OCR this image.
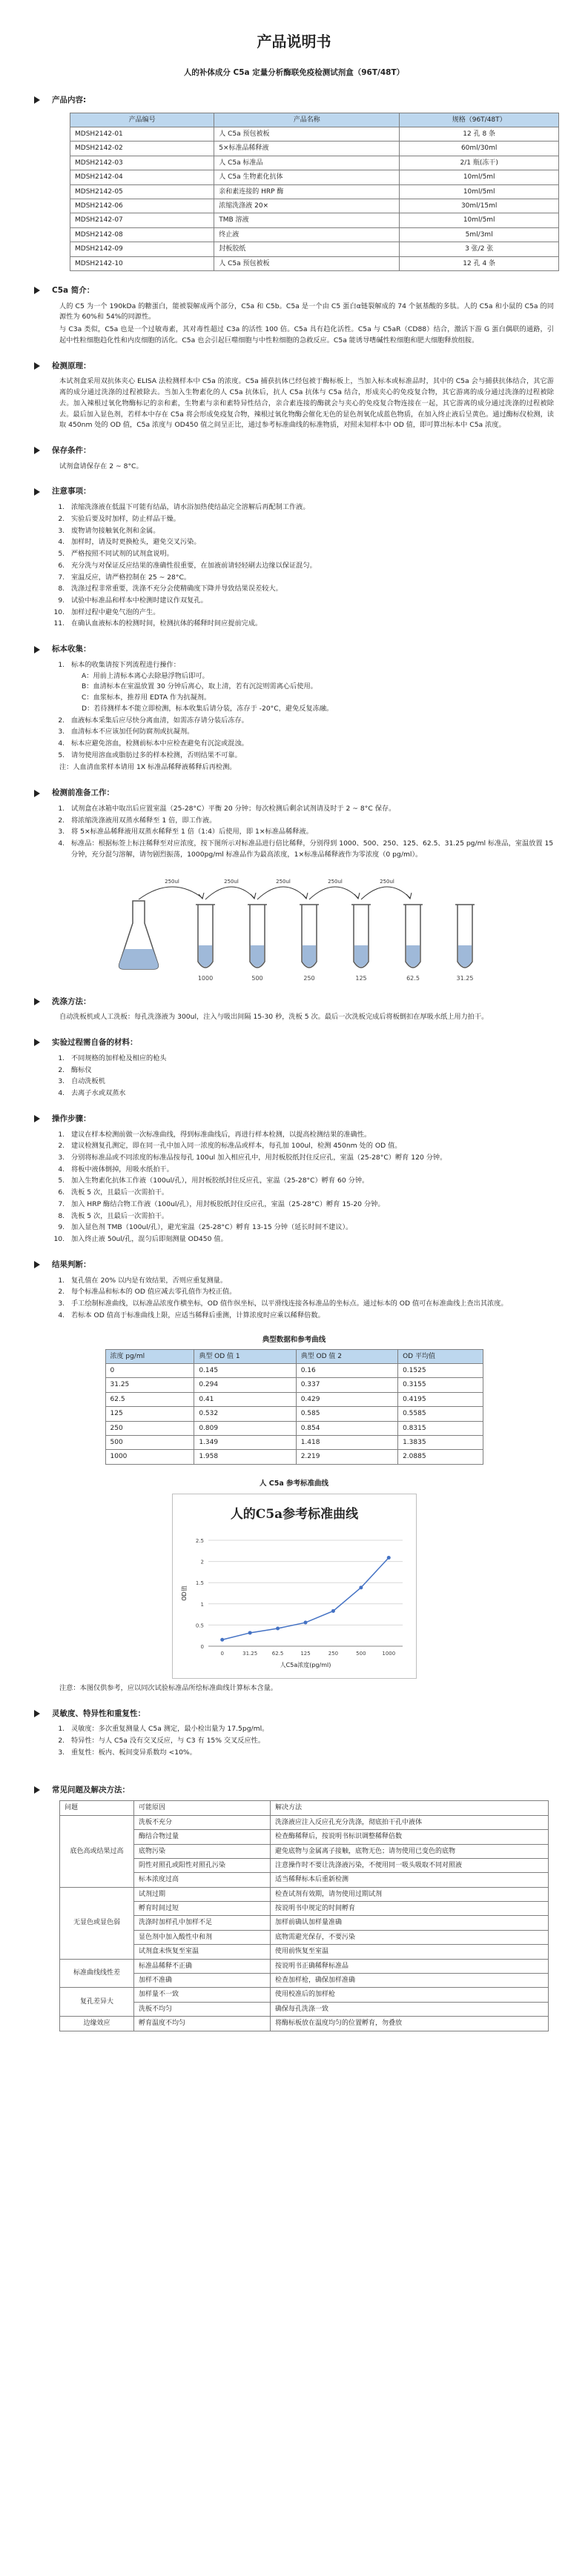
产品说明书
人的补体成分 C5a 定量分析酶联免疫检测试剂盒（96T/48T）
产品内容:
产品编号	产品名称	规格（96T/48T）
MDSH2142-01	人 C5a 预包被板	12 孔 8 条
MDSH2142-02	5×标准品稀释液	60ml/30ml
MDSH2142-03	人 C5a 标准品	2/1 瓶(冻干)
MDSH2142-04	人 C5a 生物素化抗体	10ml/5ml
MDSH2142-05	亲和素连接的 HRP 酶	10ml/5ml
MDSH2142-06	浓缩洗涤液 20×	30ml/15ml
MDSH2142-07	TMB 溶液	10ml/5ml
MDSH2142-08	终止液	5ml/3ml
MDSH2142-09	封板胶纸	3 张/2 张
MDSH2142-10	人 C5a 预包被板	12 孔 4 条
C5a 简介：

人的 C5 为一个 190kDa 的糖蛋白，能被裂解成两个部分，C5a 和 C5b。C5a 是一个由 C5 蛋白α链裂解成的 74 个氨基酸的多肽。人的 C5a 和小鼠的 C5a 的同源性为 60%和 54%的同源性。

与 C3a 类似，C5a 也是一个过敏毒素，其对毒性超过 C3a 的活性 100 倍。C5a 具有趋化活性。C5a 与 C5aR（CD88）结合，激活下游 G 蛋白偶联的通路，引起中性粒细胞趋化性和内皮细胞的活化。C5a 也会引起巨噬细胞与中性粒细胞的急救反应。C5a 能诱导嗜碱性粒细胞和肥大细胞释放组胺。

检测原理：

本试剂盒采用双抗体夹心 ELISA 法检测样本中 C5a 的浓度。C5a 捕获抗体已经包被于酶标板上，当加入标本或标准品时，其中的 C5a 会与捕获抗体结合，其它游离的成分通过洗涤的过程被除去。当加入生物素化的人 C5a 抗体后，抗人 C5a 抗体与 C5a 结合，形成夹心的免疫复合物，其它游离的成分通过洗涤的过程被除去。加入辣根过氧化物酶标记的亲和素，生物素与亲和素特异性结合，亲合素连接的酶就会与夹心的免疫复合物连接在一起，其它游离的成分通过洗涤的过程被除去。最后加入显色剂，若样本中存在 C5a 将会形成免疫复合物，辣根过氧化物酶会催化无色的显色剂氧化成蓝色物质，在加入终止液后呈黄色。通过酶标仪检测，读取 450nm 处的 OD 值，C5a 浓度与 OD450 值之间呈正比，通过参考标准曲线的标准物质，对照未知样本中 OD 值，即可算出标本中 C5a 浓度。

保存条件：

试剂盒请保存在 2 ~ 8°C。

注意事项：
1. 浓缩洗涤液在低温下可能有结晶，请水浴加热使结晶完全溶解后再配制工作液。
2. 实验后要及时加样，防止样品干燥。
3. 废物请勿接触氧化剂和金属。
4. 加样时，请及时更换枪头，避免交叉污染。
5. 严格按照不同试剂的试剂盒说明。
6. 充分洗与对保证反应结果的准确性很重要，在加液前请轻轻刷去边缘以保证混匀。
7. 室温反应，请严格控制在 25 ~ 28°C。
8. 洗涤过程非常重要，洗涤不充分会使精确度下降并导致结果误差较大。
9. 试验中标准品和样本中检测时建议作双复孔。
10. 加样过程中避免气泡的产生。
11. 在确认血液标本的检测时间，检测抗体的稀释时间应提前完成。
标本收集：
1. 标本的收集请按下列流程进行操作：
A：用前上清标本离心去除悬浮物后即可。
B：血清标本在室温放置 30 分钟后离心，取上清，若有沉淀则需离心后使用。
C：血浆标本，推荐用 EDTA 作为抗凝剂。
D：若待测样本不能立即检测，标本收集后请分装，冻存于 -20°C，避免反复冻融。
2. 血液标本采集后应尽快分离血清，如需冻存请分装后冻存。
3. 血清标本不应该加任何防腐剂或抗凝剂。
4. 标本应避免溶血，检测前标本中应检查避免有沉淀或混浊。
5. 请勿使用溶血或脂肪过多的样本检测，否则结果不可靠。

注：人血清血浆样本请用 1X 标准品稀释液稀释后再检测。

检测前准备工作：
1. 试剂盒在冰箱中取出后应置室温（25-28°C）平衡 20 分钟；每次检测后剩余试剂请及时于 2 ~ 8°C 保存。
2. 将浓缩洗涤液用双蒸水稀释至 1 倍，即工作液。
3. 将 5×标准品稀释液用双蒸水稀释至 1 倍（1:4）后使用，即 1×标准品稀释液。
4. 标准品：根据标签上标注稀释至对应浓度，按下图所示对标准品进行倍比稀释，分别得到 1000、500、250、125、62.5、31.25 pg/ml 标准品，室温放置 15 分钟，充分混匀溶解，请勿剧烈振荡，1000pg/ml 标准品作为最高浓度，1×标准品稀释液作为零浓度（0 pg/ml）。
1000	500	250	125	62.5	31.25
250ul	250ul	250ul	250ul	250ul
洗涤方法：

自动洗板机或人工洗板：每孔洗涤液为 300ul，注入与吸出间隔 15-30 秒，洗板 5 次。最后一次洗板完成后将板倒扣在厚吸水纸上用力拍干。

实验过程需自备的材料：
1. 不同规格的加样枪及相应的枪头
2. 酶标仪
3. 自动洗板机
4. 去离子水或双蒸水
操作步骤：
1. 建议在样本检测前做一次标准曲线，得到标准曲线后，再进行样本检测，以提高检测结果的准确性。
2. 建议检测复孔测定，即在同一孔中加入同一浓度的标准品或样本，每孔加 100ul，检测 450nm 处的 OD 值。
3. 分别将标准品或不同浓度的标准品按每孔 100ul 加入相应孔中，用封板胶纸封住反应孔，室温（25-28°C）孵育 120 分钟。
4. 将板中液体倒掉，用吸水纸拍干。
5. 加入生物素化抗体工作液（100ul/孔），用封板胶纸封住反应孔，室温（25-28°C）孵育 60 分钟。
6. 洗板 5 次，且最后一次需拍干。
7. 加入 HRP 酶结合物工作液（100ul/孔），用封板胶纸封住反应孔，室温（25-28°C）孵育 15-20 分钟。
8. 洗板 5 次，且最后一次需拍干。
9. 加入显色剂 TMB（100ul/孔），避光室温（25-28°C）孵育 13-15 分钟（延长时间不建议）。
10. 加入终止液 50ul/孔，混匀后即刻测量 OD450 值。
结果判断：
1. 复孔值在 20% 以内是有效结果，否则应重复测量。
2. 每个标准品和标本的 OD 值应减去零孔值作为校正值。
3. 手工绘制标准曲线，以标准品浓度作横坐标，OD 值作纵坐标，以平滑线连接各标准品的坐标点。通过标本的 OD 值可在标准曲线上查出其浓度。
4. 若标本 OD 值高于标准曲线上限，应适当稀释后重测，计算浓度时应乘以稀释倍数。
典型数据和参考曲线
浓度 pg/ml	典型 OD 值 1	典型 OD 值 2	OD 平均值
0	0.145	0.16	0.1525
31.25	0.294	0.337	0.3155
62.5	0.41	0.429	0.4195
125	0.532	0.585	0.5585
250	0.809	0.854	0.8315
500	1.349	1.418	1.3835
1000	1.958	2.219	2.0885
人 C5a 参考标准曲线
人的C5a参考标准曲线
0
0.5
1
1.5
2
2.5
0	31.25	62.5	125	250	500	1000
人C5a浓度(pg/ml)
OD值

注意：本图仅供参考，应以同次试验标准品所绘标准曲线计算标本含量。

灵敏度、特异性和重复性：
1. 灵敏度：多次重复测量人 C5a 测定，最小检出量为 17.5pg/ml。
2. 特异性：与人 C5a 没有交叉反应，与 C3 有 15% 交叉反应性。
3. 重复性：板内、板间变异系数均 <10%。
常见问题及解决方法：
问题	可能原因	解决方法
底色高或结果过高	洗板不充分	洗涤液应注入反应孔充分洗涤，彻底拍干孔中液体
	酶结合物过量	检查酶稀释后，按说明书标识调整稀释倍数
	底物污染	避免底物与金属离子接触，底物无色；请勿使用已变色的底物
	阴性对照孔或阳性对照孔污染	注意操作时不要让洗涤液污染，不便用同一吸头吸取不同对照液
	标本浓度过高	适当稀释标本后重新检测
无显色或显色弱	试剂过期	检查试剂有效期，请勿使用过期试剂
	孵育时间过短	按说明书中规定的时间孵育
	洗涤时加样孔中加样不足	加样前确认加样量准确
	显色剂中加入酸性中和剂	底物需避光保存，不要污染
	试剂盒未恢复至室温	使用前恢复至室温
标准曲线线性差	标准品稀释不正确	按说明书正确稀释标准品
	加样不准确	检查加样枪，确保加样准确
复孔差异大	加样量不一致	使用校准后的加样枪
	洗板不均匀	确保每孔洗涤一致
边缘效应	孵育温度不均匀	将酶标板放在温度均匀的位置孵育，勿叠放
